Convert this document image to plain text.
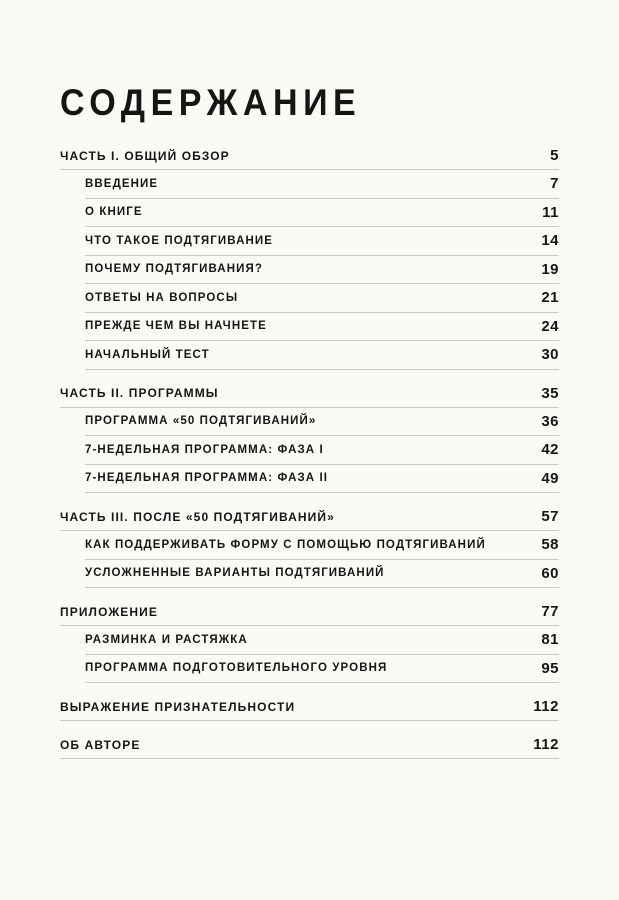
СОДЕРЖАНИЕ
ЧАСТЬ I. ОБЩИЙ ОБЗОР	5
ВВЕДЕНИЕ	7
О КНИГЕ	11
ЧТО ТАКОЕ ПОДТЯГИВАНИЕ	14
ПОЧЕМУ ПОДТЯГИВАНИЯ?	19
ОТВЕТЫ НА ВОПРОСЫ	21
ПРЕЖДЕ ЧЕМ ВЫ НАЧНЕТЕ	24
НАЧАЛЬНЫЙ ТЕСТ	30
ЧАСТЬ II. ПРОГРАММЫ	35
ПРОГРАММА «50 ПОДТЯГИВАНИЙ»	36
7-НЕДЕЛЬНАЯ ПРОГРАММА: ФАЗА I	42
7-НЕДЕЛЬНАЯ ПРОГРАММА: ФАЗА II	49
ЧАСТЬ III. ПОСЛЕ «50 ПОДТЯГИВАНИЙ»	57
КАК ПОДДЕРЖИВАТЬ ФОРМУ С ПОМОЩЬЮ ПОДТЯГИВАНИЙ	58
УСЛОЖНЕННЫЕ ВАРИАНТЫ ПОДТЯГИВАНИЙ	60
ПРИЛОЖЕНИЕ	77
РАЗМИНКА И РАСТЯЖКА	81
ПРОГРАММА ПОДГОТОВИТЕЛЬНОГО УРОВНЯ	95
ВЫРАЖЕНИЕ ПРИЗНАТЕЛЬНОСТИ	112
ОБ АВТОРЕ	112
